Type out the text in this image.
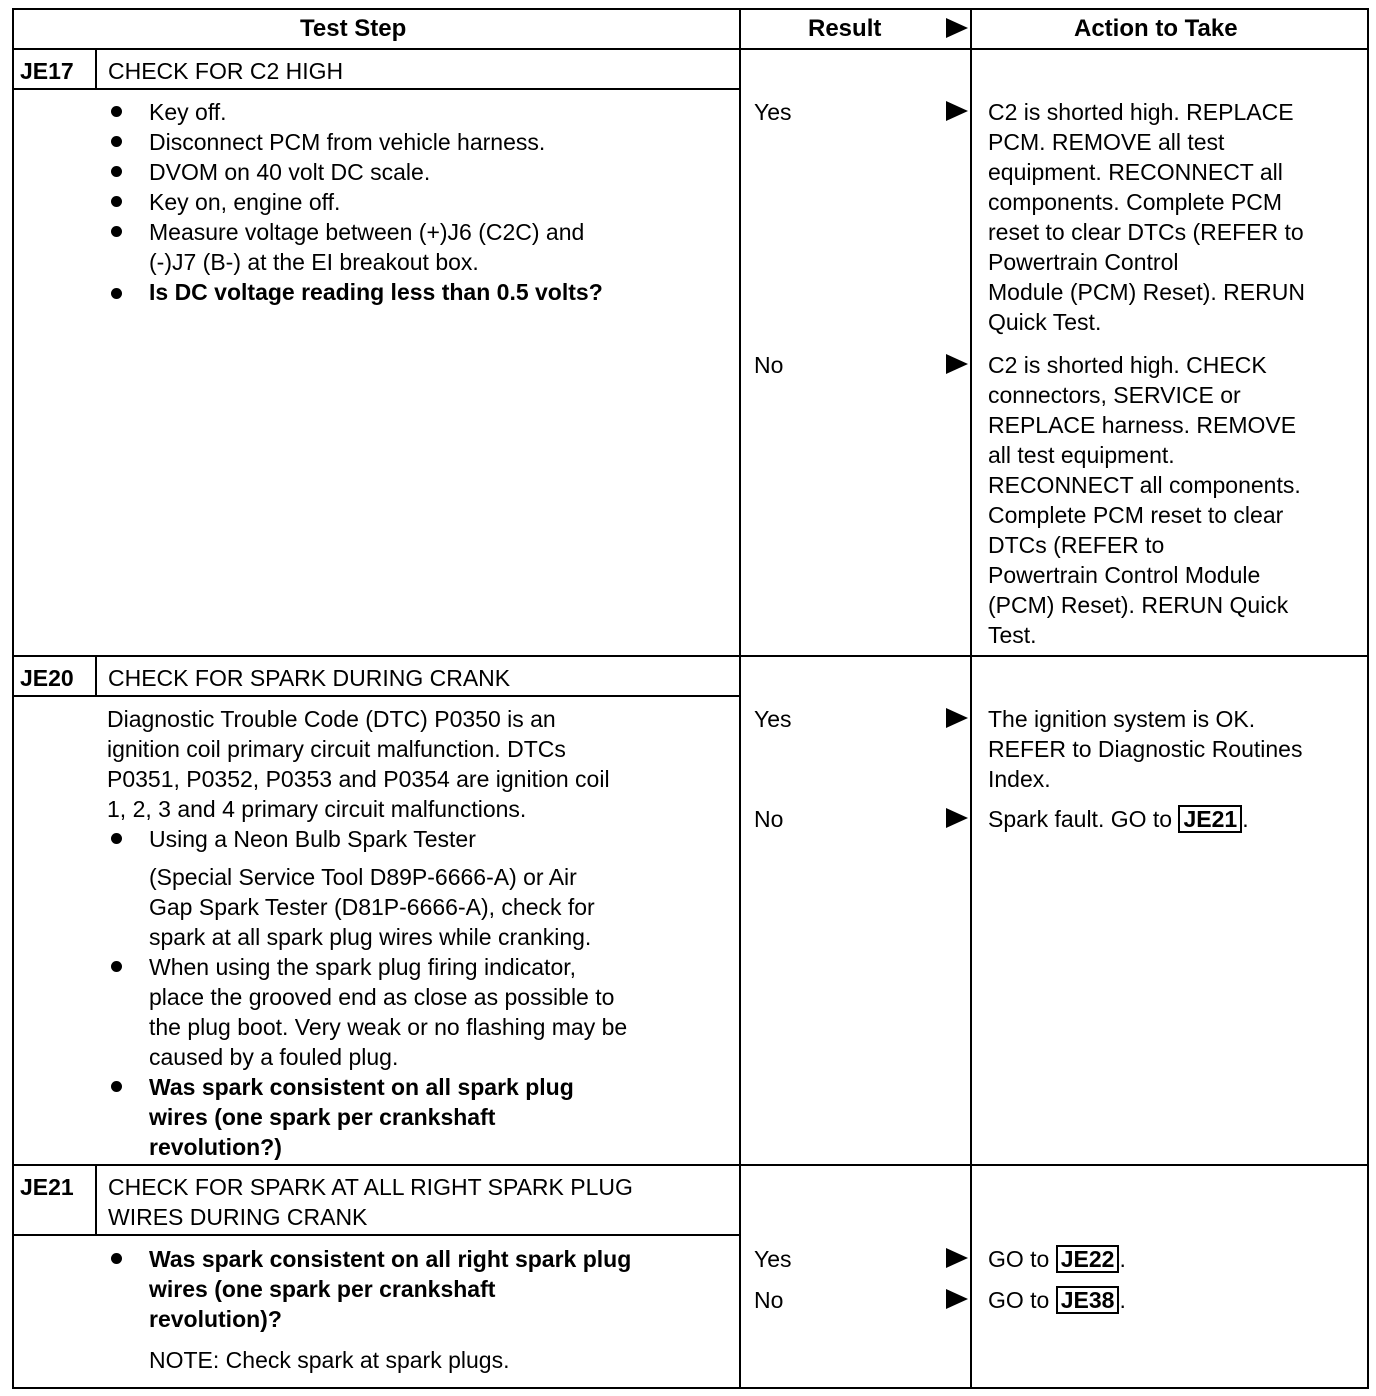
Test Step	Result	Action to Take
JE17 CHECK FOR C2 HIGH
Key off.
Disconnect PCM from vehicle harness.
DVOM on 40 volt DC scale.
Key on, engine off.
Measure voltage between (+)J6 (C2C) and
(-)J7 (B-) at the EI breakout box.
Is DC voltage reading less than 0.5 volts?
Yes	C2 is shorted high. REPLACE
PCM. REMOVE all test
equipment. RECONNECT all
components. Complete PCM
reset to clear DTCs (REFER to
Powertrain Control
Module (PCM) Reset). RERUN
Quick Test.
No	C2 is shorted high. CHECK
connectors, SERVICE or
REPLACE harness. REMOVE
all test equipment.
RECONNECT all components.
Complete PCM reset to clear
DTCs (REFER to
Powertrain Control Module
(PCM) Reset). RERUN Quick
Test.
JE20 CHECK FOR SPARK DURING CRANK
Diagnostic Trouble Code (DTC) P0350 is an
ignition coil primary circuit malfunction. DTCs
P0351, P0352, P0353 and P0354 are ignition coil
1, 2, 3 and 4 primary circuit malfunctions.
Using a Neon Bulb Spark Tester
(Special Service Tool D89P-6666-A) or Air
Gap Spark Tester (D81P-6666-A), check for
spark at all spark plug wires while cranking.
When using the spark plug firing indicator,
place the grooved end as close as possible to
the plug boot. Very weak or no flashing may be
caused by a fouled plug.
Was spark consistent on all spark plug
wires (one spark per crankshaft
revolution?)
Yes	The ignition system is OK.
REFER to Diagnostic Routines
Index.
No	Spark fault. GO to JE21 .
JE21 CHECK FOR SPARK AT ALL RIGHT SPARK PLUG
WIRES DURING CRANK
Was spark consistent on all right spark plug
wires (one spark per crankshaft
revolution)?
NOTE: Check spark at spark plugs.
Yes	GO to JE22 .
No	GO to JE38 .
